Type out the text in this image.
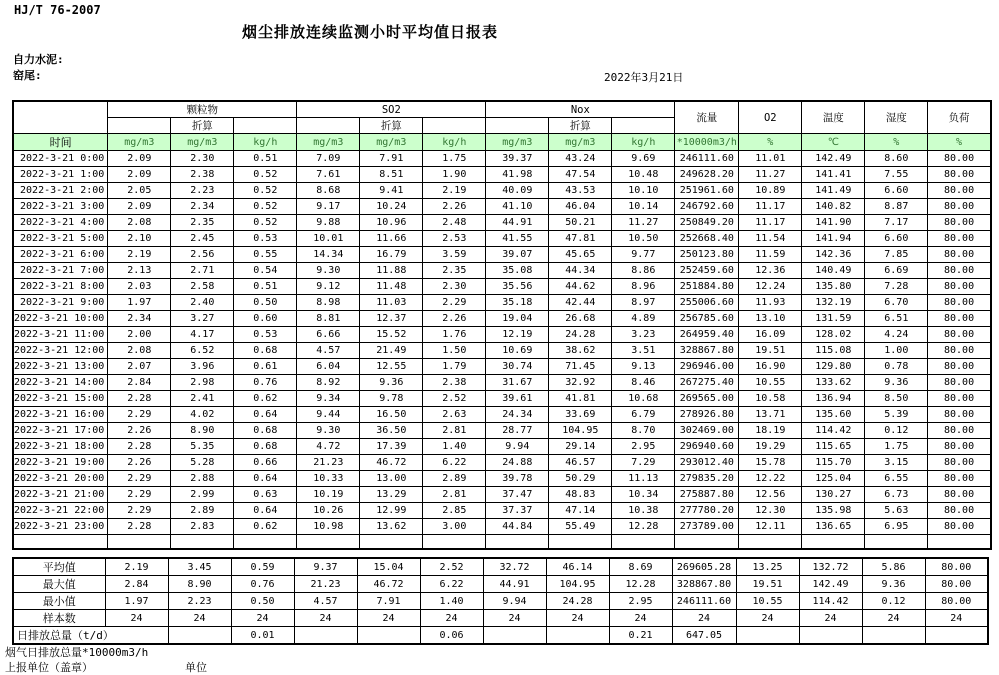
HJ/T 76-2007
烟尘排放连续监测小时平均值日报表
自力水泥:
窑尾:	2022年3月21日
	颗粒物			SO2			Nox			流量	O2	温度	湿度	负荷
		折算			折算			折算						
时间	mg/m3	mg/m3	kg/h	mg/m3	mg/m3	kg/h	mg/m3	mg/m3	kg/h	*10000m3/h	%	℃	%	%
2022-3-21 0:00	2.09	2.30	0.51	7.09	7.91	1.75	39.37	43.24	9.69	246111.60	11.01	142.49	8.60	80.00
2022-3-21 1:00	2.09	2.38	0.52	7.61	8.51	1.90	41.98	47.54	10.48	249628.20	11.27	141.41	7.55	80.00
2022-3-21 2:00	2.05	2.23	0.52	8.68	9.41	2.19	40.09	43.53	10.10	251961.60	10.89	141.49	6.60	80.00
2022-3-21 3:00	2.09	2.34	0.52	9.17	10.24	2.26	41.10	46.04	10.14	246792.60	11.17	140.82	8.87	80.00
2022-3-21 4:00	2.08	2.35	0.52	9.88	10.96	2.48	44.91	50.21	11.27	250849.20	11.17	141.90	7.17	80.00
2022-3-21 5:00	2.10	2.45	0.53	10.01	11.66	2.53	41.55	47.81	10.50	252668.40	11.54	141.94	6.60	80.00
2022-3-21 6:00	2.19	2.56	0.55	14.34	16.79	3.59	39.07	45.65	9.77	250123.80	11.59	142.36	7.85	80.00
2022-3-21 7:00	2.13	2.71	0.54	9.30	11.88	2.35	35.08	44.34	8.86	252459.60	12.36	140.49	6.69	80.00
2022-3-21 8:00	2.03	2.58	0.51	9.12	11.48	2.30	35.56	44.62	8.96	251884.80	12.24	135.80	7.28	80.00
2022-3-21 9:00	1.97	2.40	0.50	8.98	11.03	2.29	35.18	42.44	8.97	255006.60	11.93	132.19	6.70	80.00
2022-3-21 10:00	2.34	3.27	0.60	8.81	12.37	2.26	19.04	26.68	4.89	256785.60	13.10	131.59	6.51	80.00
2022-3-21 11:00	2.00	4.17	0.53	6.66	15.52	1.76	12.19	24.28	3.23	264959.40	16.09	128.02	4.24	80.00
2022-3-21 12:00	2.08	6.52	0.68	4.57	21.49	1.50	10.69	38.62	3.51	328867.80	19.51	115.08	1.00	80.00
2022-3-21 13:00	2.07	3.96	0.61	6.04	12.55	1.79	30.74	71.45	9.13	296946.00	16.90	129.80	0.78	80.00
2022-3-21 14:00	2.84	2.98	0.76	8.92	9.36	2.38	31.67	32.92	8.46	267275.40	10.55	133.62	9.36	80.00
2022-3-21 15:00	2.28	2.41	0.62	9.34	9.78	2.52	39.61	41.81	10.68	269565.00	10.58	136.94	8.50	80.00
2022-3-21 16:00	2.29	4.02	0.64	9.44	16.50	2.63	24.34	33.69	6.79	278926.80	13.71	135.60	5.39	80.00
2022-3-21 17:00	2.26	8.90	0.68	9.30	36.50	2.81	28.77	104.95	8.70	302469.00	18.19	114.42	0.12	80.00
2022-3-21 18:00	2.28	5.35	0.68	4.72	17.39	1.40	9.94	29.14	2.95	296940.60	19.29	115.65	1.75	80.00
2022-3-21 19:00	2.26	5.28	0.66	21.23	46.72	6.22	24.88	46.57	7.29	293012.40	15.78	115.70	3.15	80.00
2022-3-21 20:00	2.29	2.88	0.64	10.33	13.00	2.89	39.78	50.29	11.13	279835.20	12.22	125.04	6.55	80.00
2022-3-21 21:00	2.29	2.99	0.63	10.19	13.29	2.81	37.47	48.83	10.34	275887.80	12.56	130.27	6.73	80.00
2022-3-21 22:00	2.29	2.89	0.64	10.26	12.99	2.85	37.37	47.14	10.38	277780.20	12.30	135.98	5.63	80.00
2022-3-21 23:00	2.28	2.83	0.62	10.98	13.62	3.00	44.84	55.49	12.28	273789.00	12.11	136.65	6.95	80.00

平均值	2.19	3.45	0.59	9.37	15.04	2.52	32.72	46.14	8.69	269605.28	13.25	132.72	5.86	80.00
最大值	2.84	8.90	0.76	21.23	46.72	6.22	44.91	104.95	12.28	328867.80	19.51	142.49	9.36	80.00
最小值	1.97	2.23	0.50	4.57	7.91	1.40	9.94	24.28	2.95	246111.60	10.55	114.42	0.12	80.00
样本数	24	24	24	24	24	24	24	24	24	24	24	24	24	24
日排放总量（t/d）			0.01			0.06			0.21	647.05				
烟气日排放总量*10000m3/h
上报单位（盖章）	单位
